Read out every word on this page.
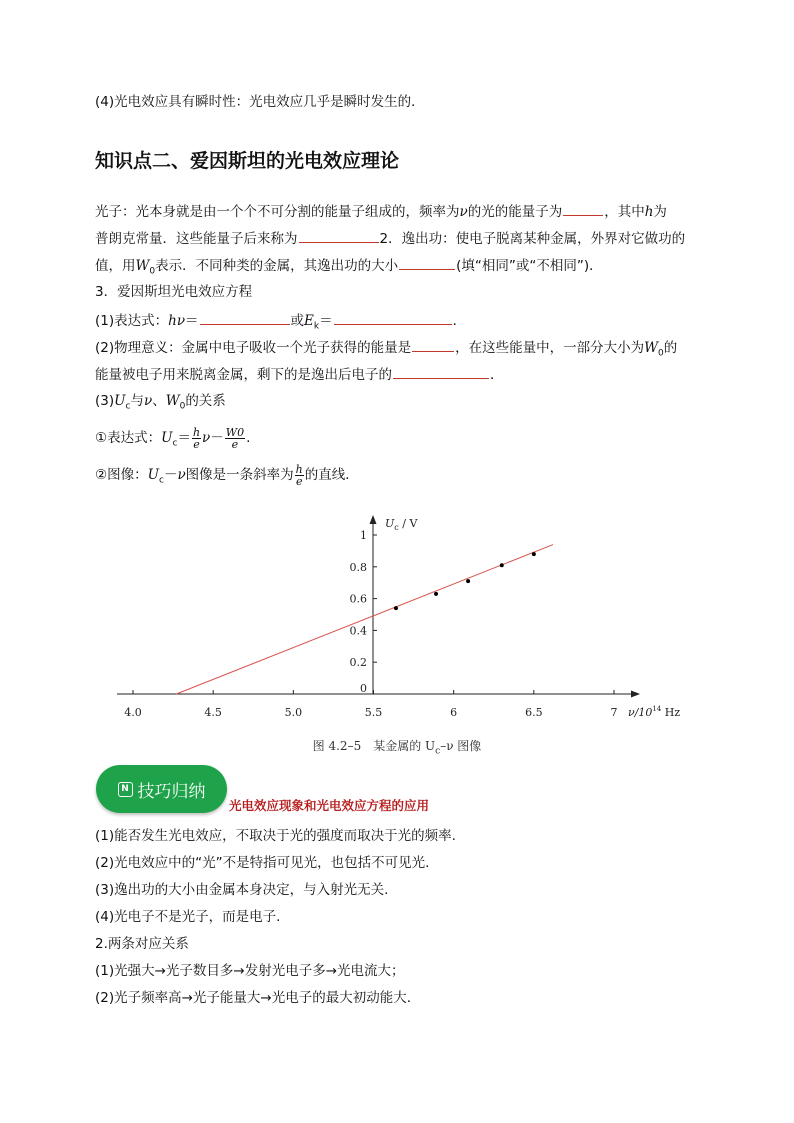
(4)光电效应具有瞬时性：光电效应几乎是瞬时发生的．
知识点二、爱因斯坦的光电效应理论
光子：光本身就是由一个个不可分割的能量子组成的，频率为ν的光的能量子为	，其中h为
普朗克常量．这些能量子后来称为	2．逸出功：使电子脱离某种金属，外界对它做功的
值，用$W_0$表示．不同种类的金属，其逸出功的大小	(填“相同”或“不相同”)．
3．爱因斯坦光电效应方程
(1)表达式：hν＝	或$E_k=$	．
(2)物理意义：金属中电子吸收一个光子获得的能量是	，在这些能量中，一部分大小为$W_0$的
能量被电子用来脱离金属，剩下的是逸出后电子的	．
$(3)U_c$与ν、$W_0$的关系
①表达式：$U_c= \frac{h}{e} \nu- \frac{W0}{e}$ .
②图像：$U_c-\nu$图像是一条斜率为 $\frac{h}{e}$ 的直线．
4.0	4.5	5.0	5.5	6	6.5	7
0
0.2
0.4
0.6
0.8
1
$U_c$ / V
$\nu/10^{14}$ Hz
图 4.2–5　某金属的 $U_c-\nu$ 图像
N 技巧归纳
光电效应现象和光电效应方程的应用
(1)能否发生光电效应，不取决于光的强度而取决于光的频率.
(2)光电效应中的“光”不是特指可见光，也包括不可见光.
(3)逸出功的大小由金属本身决定，与入射光无关.
(4)光电子不是光子，而是电子.
2.两条对应关系
(1)光强大→光子数目多→发射光电子多→光电流大；
(2)光子频率高→光子能量大→光电子的最大初动能大.
